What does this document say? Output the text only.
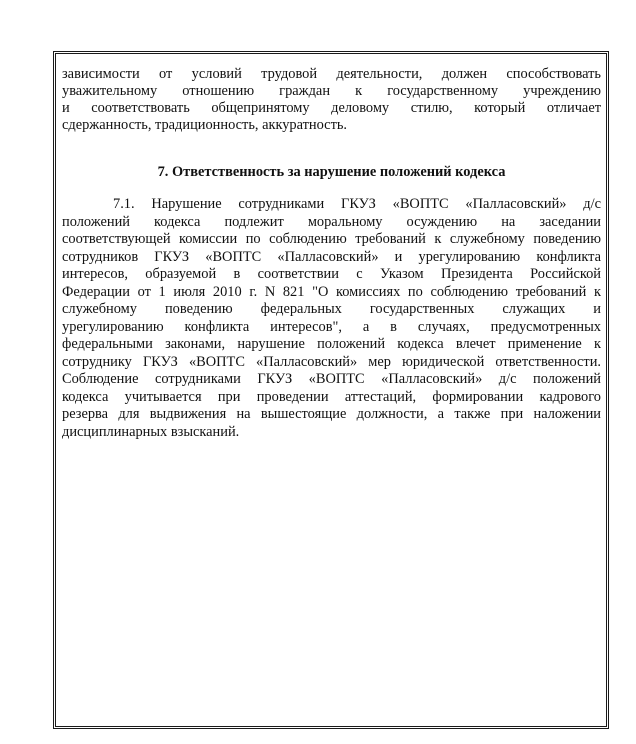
зависимости от условий трудовой деятельности, должен способствовать
уважительному отношению граждан к государственному учреждению
и соответствовать общепринятому деловому стилю, который отличает
сдержанность, традиционность, аккуратность.
7. Ответственность за нарушение положений кодекса
7.1. Нарушение сотрудниками ГКУЗ «ВОПТС «Палласовский» д/с
положений кодекса подлежит моральному осуждению на заседании
соответствующей комиссии по соблюдению требований к служебному поведению
сотрудников ГКУЗ «ВОПТС «Палласовский» и урегулированию конфликта
интересов, образуемой в соответствии с Указом Президента Российской
Федерации от 1 июля 2010 г. N 821 "О комиссиях по соблюдению требований к
служебному поведению федеральных государственных служащих и
урегулированию конфликта интересов", а в случаях, предусмотренных
федеральными законами, нарушение положений кодекса влечет применение к
сотруднику ГКУЗ «ВОПТС «Палласовский» мер юридической ответственности.
Соблюдение сотрудниками ГКУЗ «ВОПТС «Палласовский» д/с положений
кодекса учитывается при проведении аттестаций, формировании кадрового
резерва для выдвижения на вышестоящие должности, а также при наложении
дисциплинарных взысканий.
